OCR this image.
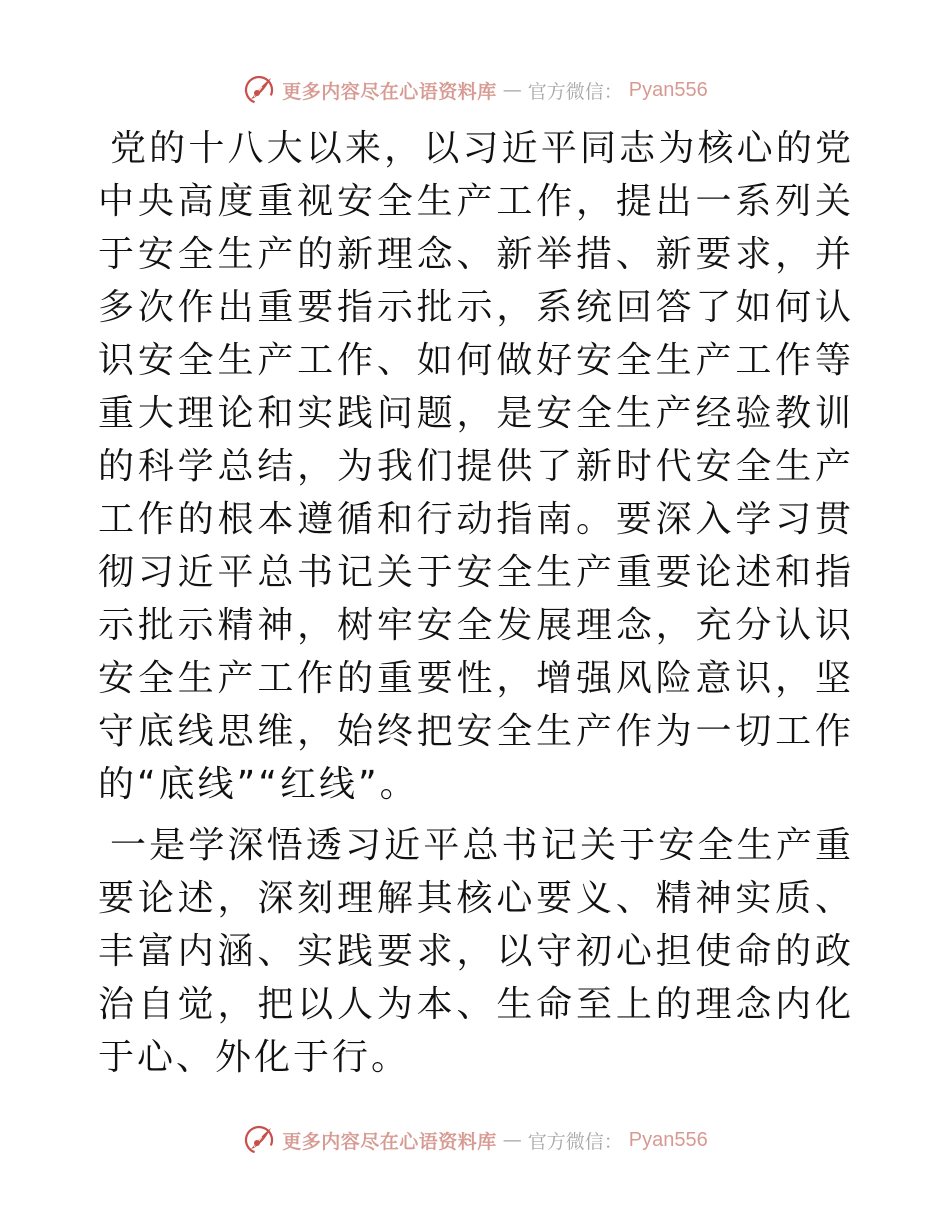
更多内容尽在心语资料库 — 官方微信： Pyan556

党的十八大以来，以习近平同志为核心的党中央高度重视安全生产工作，提出一系列关于安全生产的新理念、新举措、新要求，并多次作出重要指示批示，系统回答了如何认识安全生产工作、如何做好安全生产工作等重大理论和实践问题，是安全生产经验教训的科学总结，为我们提供了新时代安全生产工作的根本遵循和行动指南。要深入学习贯彻习近平总书记关于安全生产重要论述和指示批示精神，树牢安全发展理念，充分认识安全生产工作的重要性，增强风险意识，坚守底线思维，始终把安全生产作为一切工作的“底线”“红线”。

一是学深悟透习近平总书记关于安全生产重要论述，深刻理解其核心要义、精神实质、丰富内涵、实践要求，以守初心担使命的政治自觉，把以人为本、生命至上的理念内化于心、外化于行。

更多内容尽在心语资料库 — 官方微信： Pyan556
